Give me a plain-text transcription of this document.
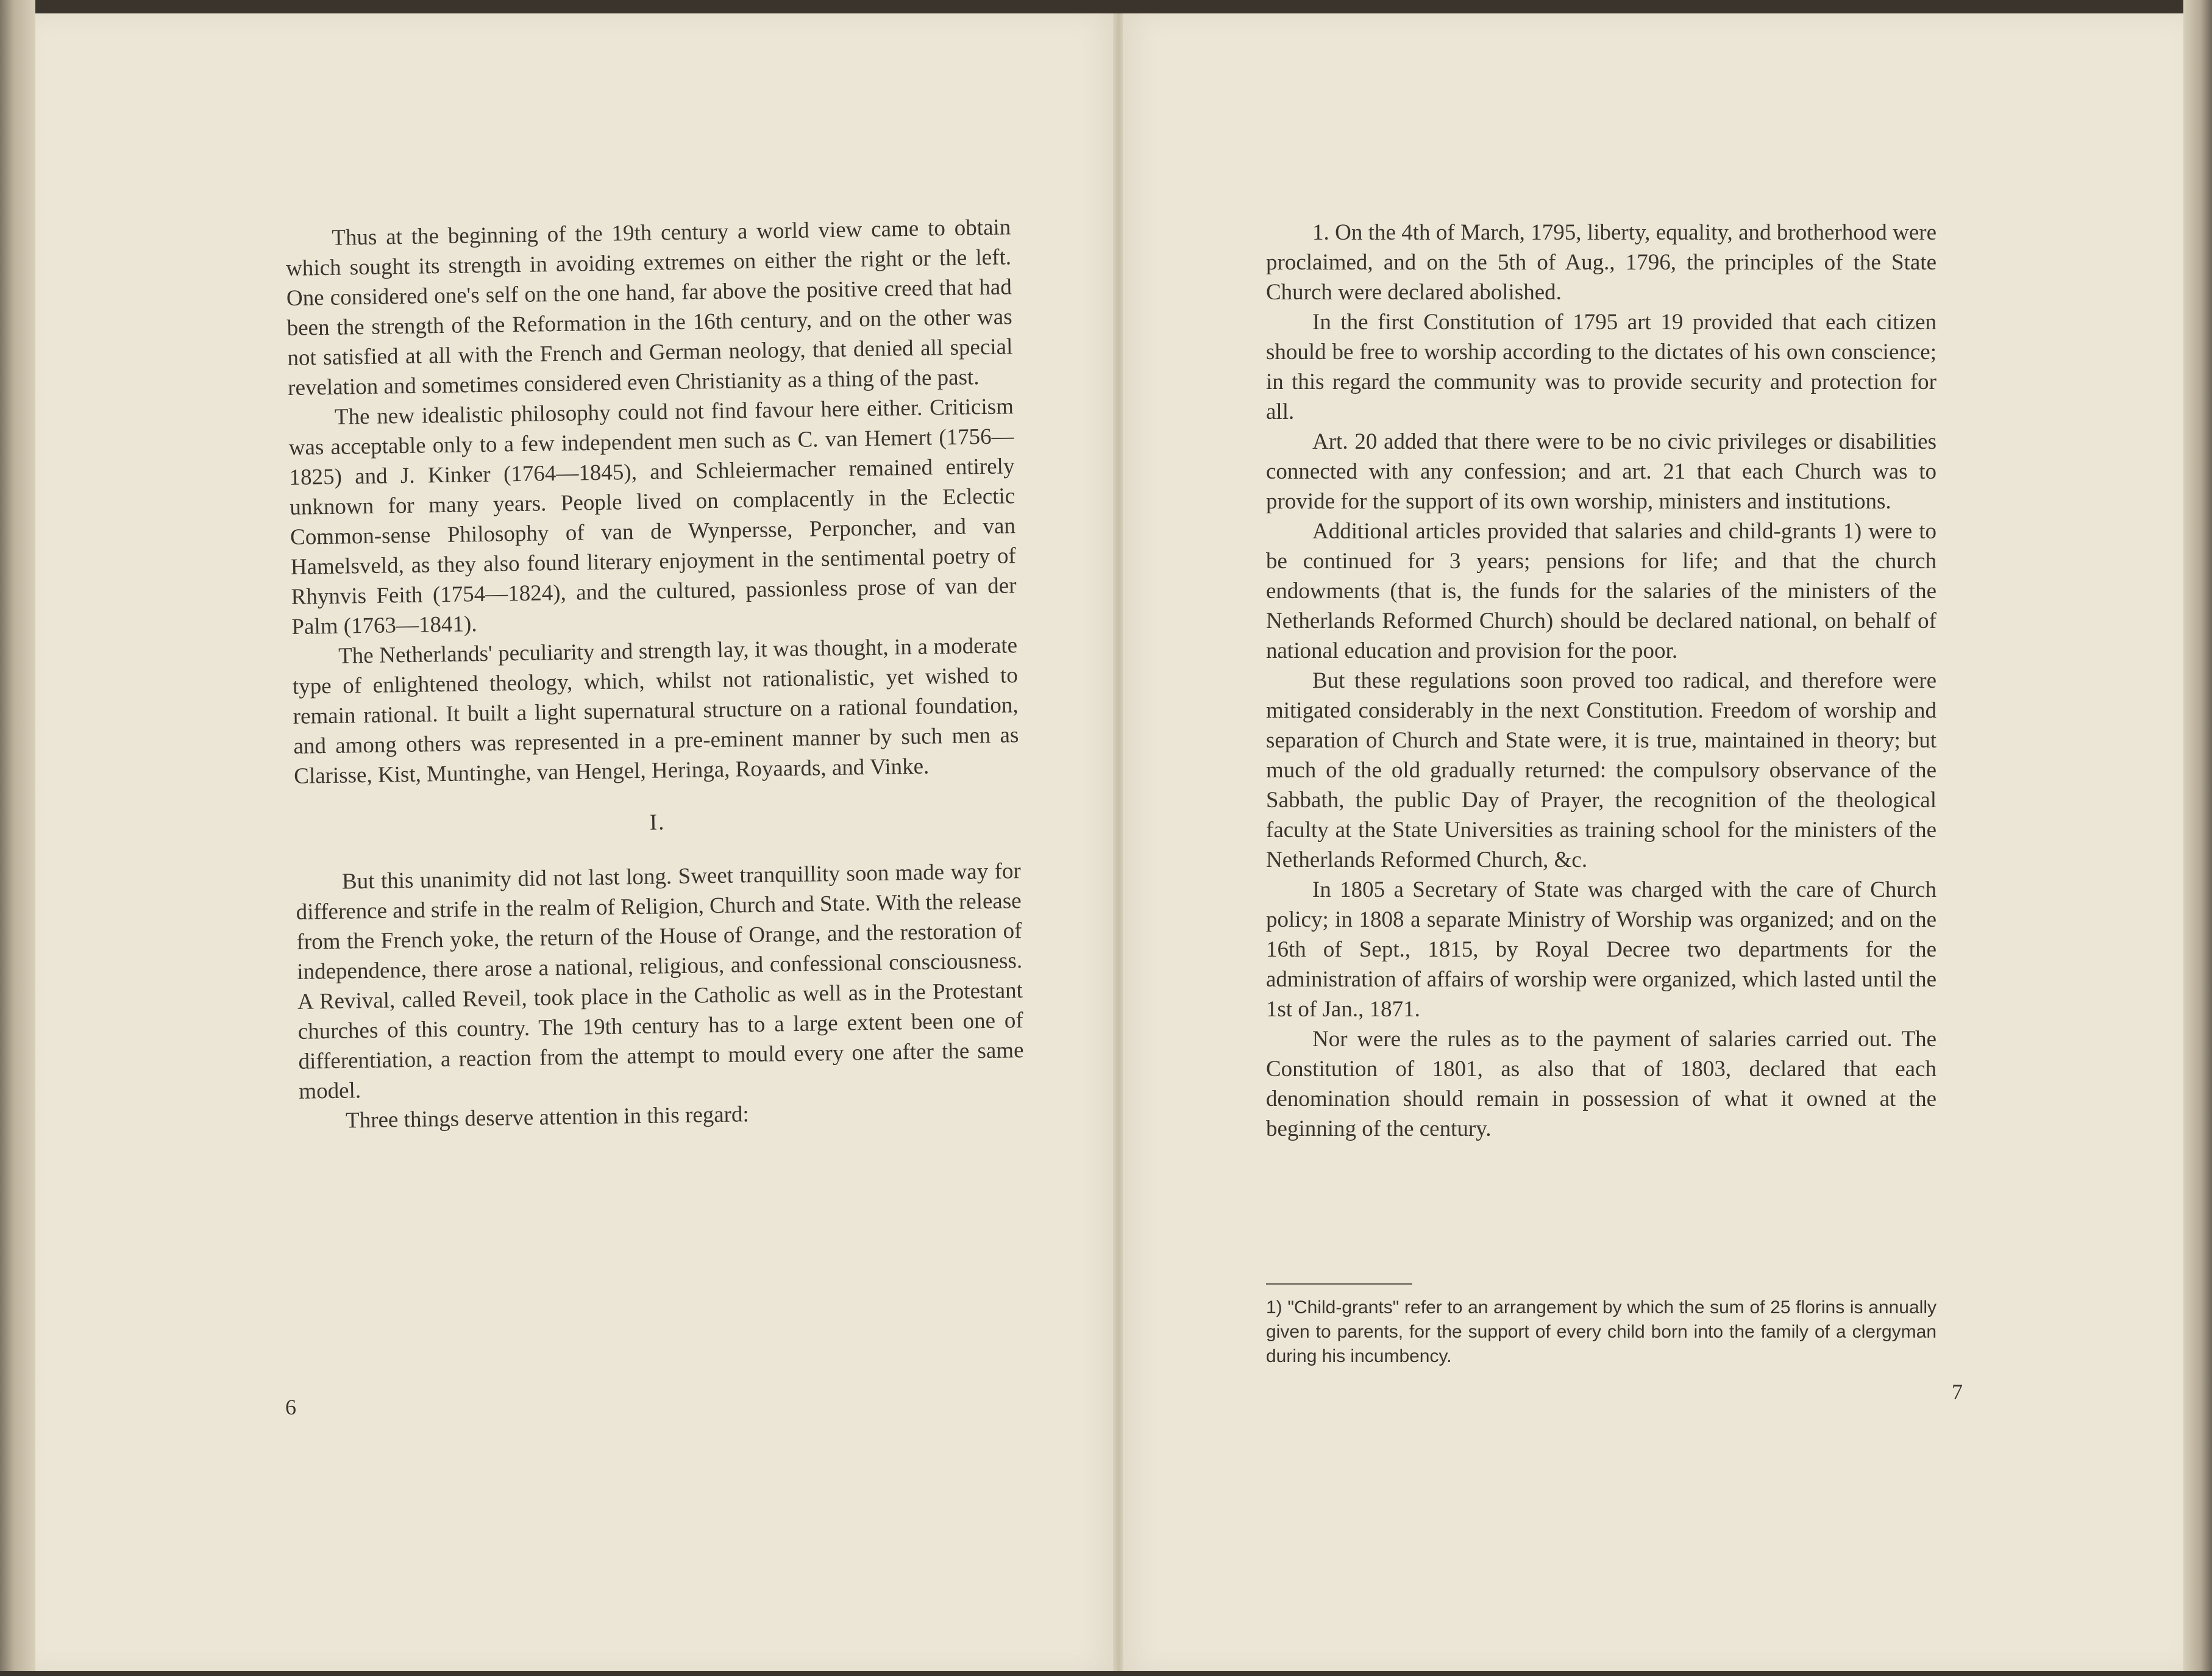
Thus at the beginning of the 19th century a world view came to obtain which sought its strength in avoiding extremes on either the right or the left. One considered one's self on the one hand, far above the positive creed that had been the strength of the Reformation in the 16th century, and on the other was not satisfied at all with the French and German neology, that denied all special revelation and sometimes considered even Christianity as a thing of the past.

The new idealistic philosophy could not find favour here either. Criticism was acceptable only to a few independent men such as C. van Hemert (1756—1825) and J. Kinker (1764—1845), and Schleiermacher remained entirely unknown for many years. People lived on complacently in the Eclectic Common-sense Philosophy of van de Wynpersse, Perponcher, and van Hamelsveld, as they also found literary enjoyment in the sentimental poetry of Rhynvis Feith (1754—1824), and the cultured, passionless prose of van der Palm (1763—1841).

The Netherlands' peculiarity and strength lay, it was thought, in a moderate type of enlightened theology, which, whilst not rationalistic, yet wished to remain rational. It built a light supernatural structure on a rational foundation, and among others was represented in a pre-eminent manner by such men as Clarisse, Kist, Muntinghe, van Hengel, Heringa, Royaards, and Vinke.

I.

But this unanimity did not last long. Sweet tranquillity soon made way for difference and strife in the realm of Religion, Church and State. With the release from the French yoke, the return of the House of Orange, and the restoration of independence, there arose a national, religious, and confessional consciousness. A Revival, called Reveil, took place in the Catholic as well as in the Protestant churches of this country. The 19th century has to a large extent been one of differentiation, a reaction from the attempt to mould every one after the same model.

Three things deserve attention in this regard:

6

1. On the 4th of March, 1795, liberty, equality, and brotherhood were proclaimed, and on the 5th of Aug., 1796, the principles of the State Church were declared abolished.

In the first Constitution of 1795 art 19 provided that each citizen should be free to worship according to the dictates of his own conscience; in this regard the community was to provide security and protection for all.

Art. 20 added that there were to be no civic privileges or disabilities connected with any confession; and art. 21 that each Church was to provide for the support of its own worship, ministers and institutions.

Additional articles provided that salaries and child-grants 1) were to be continued for 3 years; pensions for life; and that the church endowments (that is, the funds for the salaries of the ministers of the Netherlands Reformed Church) should be declared national, on behalf of national education and provision for the poor.

But these regulations soon proved too radical, and therefore were mitigated considerably in the next Constitution. Freedom of worship and separation of Church and State were, it is true, maintained in theory; but much of the old gradually returned: the compulsory observance of the Sabbath, the public Day of Prayer, the recognition of the theological faculty at the State Universities as training school for the ministers of the Netherlands Reformed Church, &c.

In 1805 a Secretary of State was charged with the care of Church policy; in 1808 a separate Ministry of Worship was organized; and on the 16th of Sept., 1815, by Royal Decree two departments for the administration of affairs of worship were organized, which lasted until the 1st of Jan., 1871.

Nor were the rules as to the payment of salaries carried out. The Constitution of 1801, as also that of 1803, declared that each denomination should remain in possession of what it owned at the beginning of the century.

1) "Child-grants" refer to an arrangement by which the sum of 25 florins is annually given to parents, for the support of every child born into the family of a clergyman during his incumbency.
7
